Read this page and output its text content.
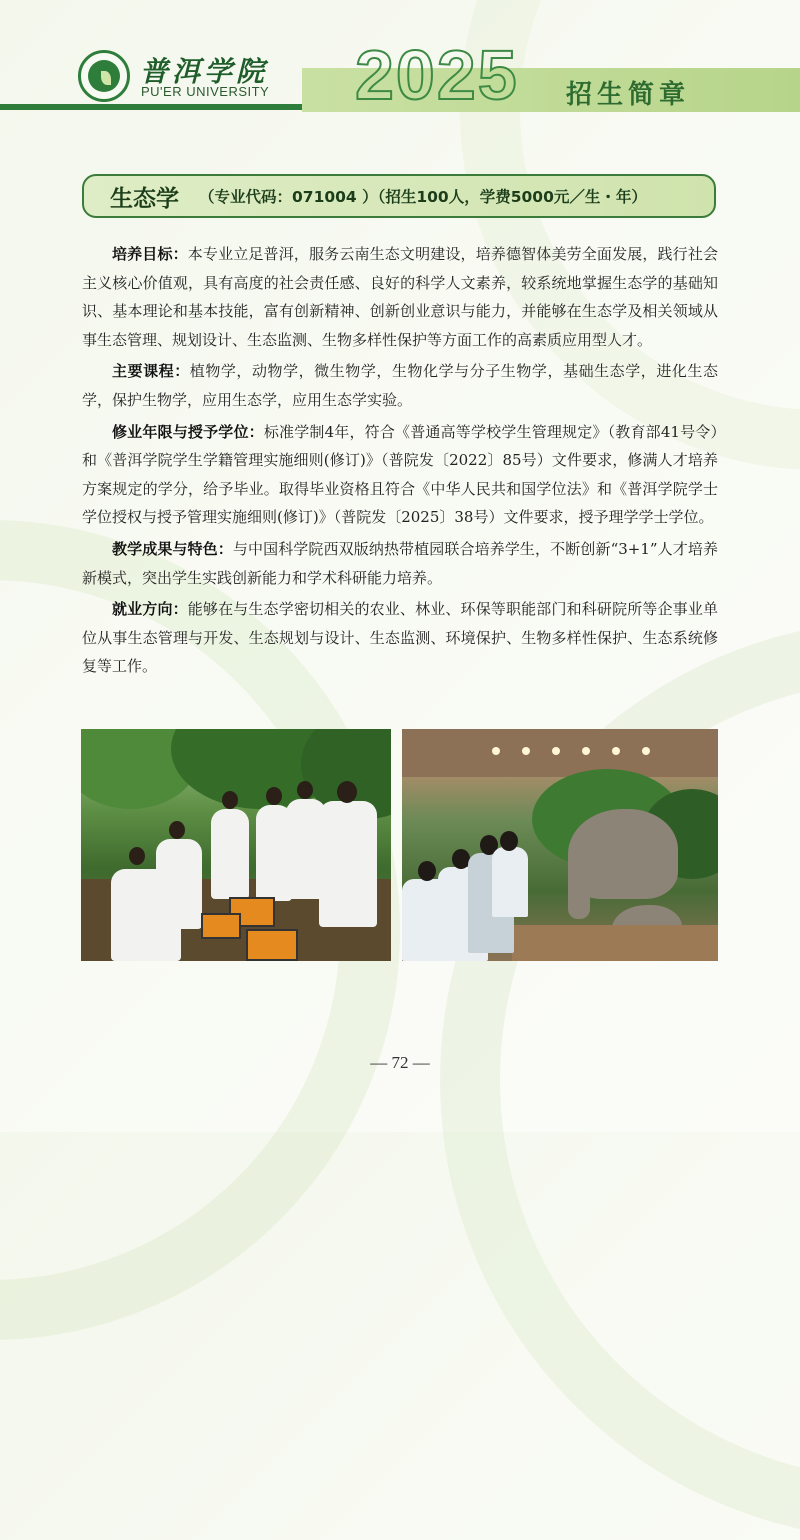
普洱学院
PU'ER UNIVERSITY 2025 招生简章
生态学 （专业代码：071004 ）（招生100人，学费5000元／生・年）

培养目标：本专业立足普洱，服务云南生态文明建设，培养德智体美劳全面发展，践行社会主义核心价值观，具有高度的社会责任感、良好的科学人文素养，较系统地掌握生态学的基础知识、基本理论和基本技能，富有创新精神、创新创业意识与能力，并能够在生态学及相关领域从事生态管理、规划设计、生态监测、生物多样性保护等方面工作的高素质应用型人才。

主要课程：植物学，动物学，微生物学，生物化学与分子生物学，基础生态学，进化生态学，保护生物学，应用生态学，应用生态学实验。

修业年限与授予学位：标准学制4年，符合《普通高等学校学生管理规定》（教育部41号令）和《普洱学院学生学籍管理实施细则(修订)》（普院发〔2022〕85号）文件要求，修满人才培养方案规定的学分，给予毕业。取得毕业资格且符合《中华人民共和国学位法》和《普洱学院学士学位授权与授予管理实施细则(修订)》（普院发〔2025〕38号）文件要求，授予理学学士学位。

教学成果与特色：与中国科学院西双版纳热带植园联合培养学生，不断创新“3+1”人才培养新模式，突出学生实践创新能力和学术科研能力培养。

就业方向：能够在与生态学密切相关的农业、林业、环保等职能部门和科研院所等企事业单位从事生态管理与开发、生态规划与设计、生态监测、环境保护、生物多样性保护、生态系统修复等工作。

— 72 —
